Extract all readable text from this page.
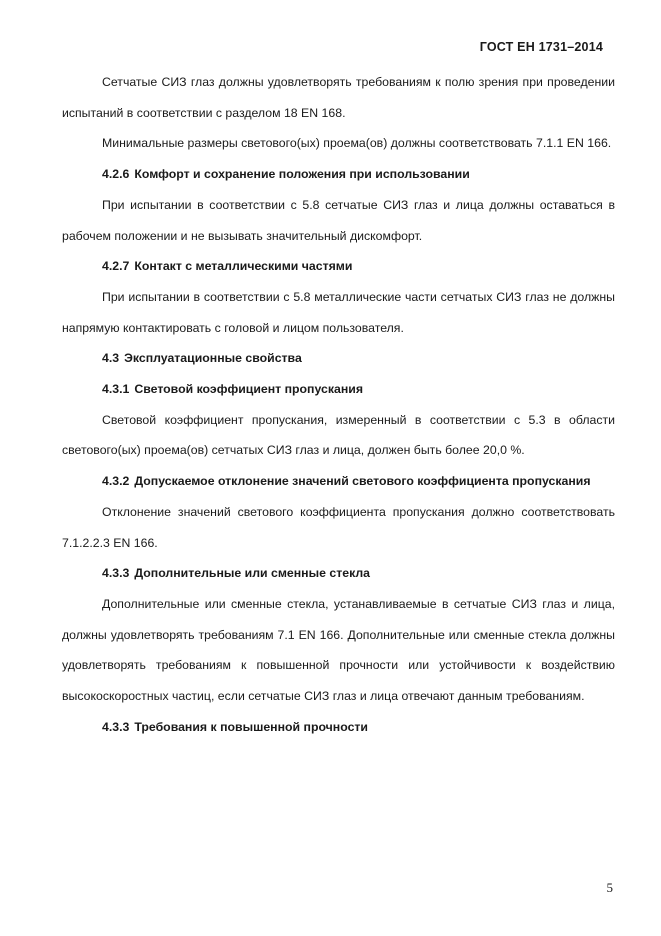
ГОСТ EH 1731–2014

Сетчатые СИЗ глаз должны удовлетворять требованиям к полю зрения при проведении испытаний в соответствии с разделом 18 EN 168.

Минимальные размеры светового(ых) проема(ов) должны соответствовать 7.1.1 EN 166.

4.2.6 Комфорт и сохранение положения при использовании

При испытании в соответствии с 5.8 сетчатые СИЗ глаз и лица должны оставаться в рабочем положении и не вызывать значительный дискомфорт.

4.2.7 Контакт с металлическими частями

При испытании в соответствии с 5.8 металлические части сетчатых СИЗ глаз не должны напрямую контактировать с головой и лицом пользователя.

4.3 Эксплуатационные свойства

4.3.1 Световой коэффициент пропускания

Световой коэффициент пропускания, измеренный в соответствии с 5.3 в области светового(ых) проема(ов) сетчатых СИЗ глаз и лица, должен быть более 20,0 %.

4.3.2 Допускаемое отклонение значений светового коэффициента пропускания

Отклонение значений светового коэффициента пропускания должно соответствовать 7.1.2.2.3 EN 166.

4.3.3 Дополнительные или сменные стекла

Дополнительные или сменные стекла, устанавливаемые в сетчатые СИЗ глаз и лица, должны удовлетворять требованиям 7.1 EN 166. Дополнительные или сменные стекла должны удовлетворять требованиям к повышенной прочности или устойчивости к воздействию высокоскоростных частиц, если сетчатые СИЗ глаз и лица отвечают данным требованиям.

4.3.3 Требования к повышенной прочности

5
